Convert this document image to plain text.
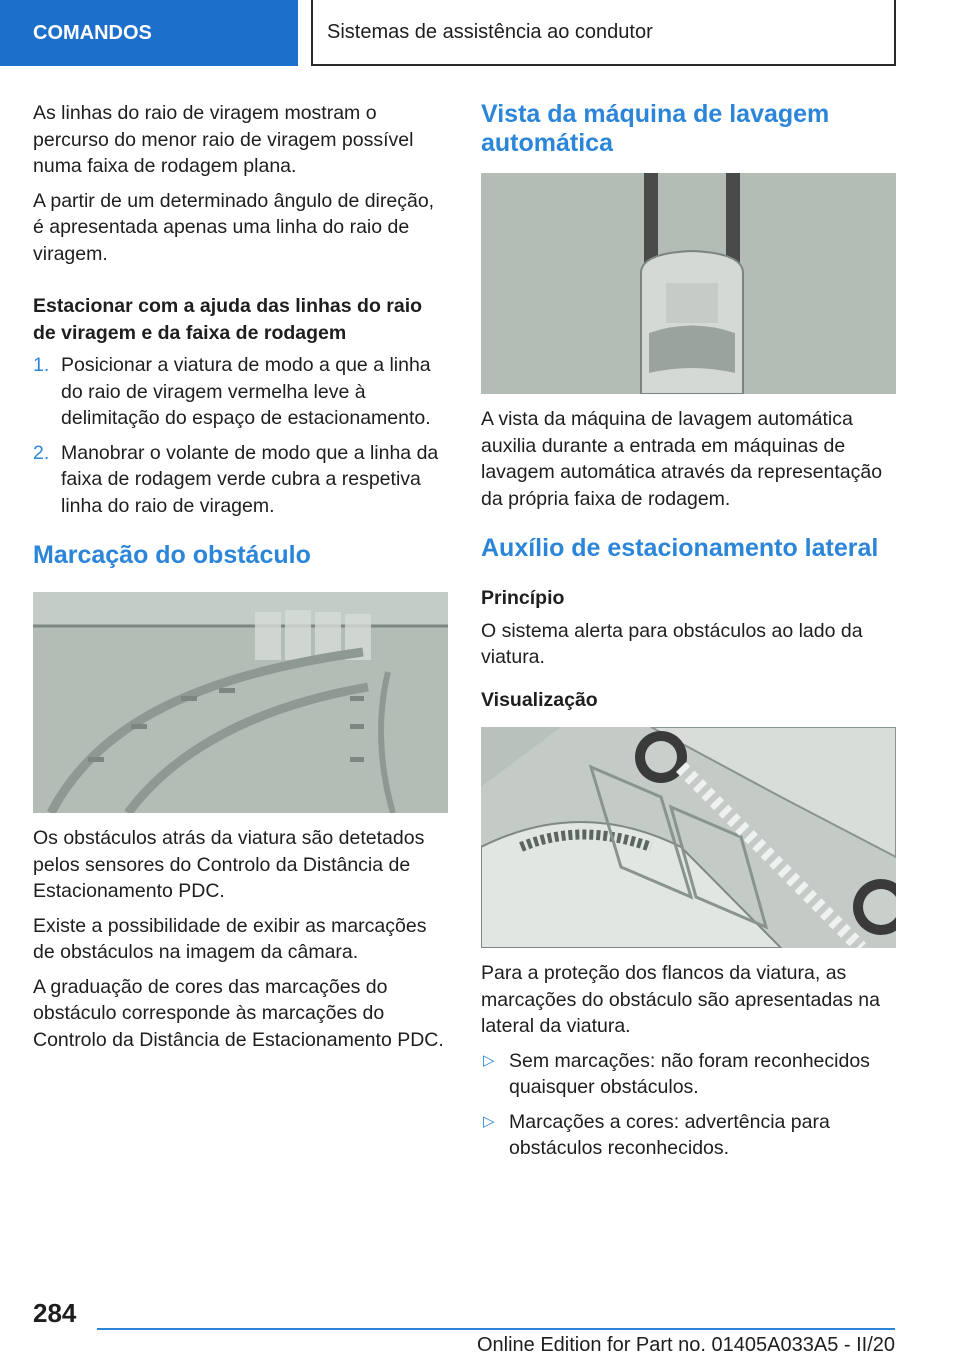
COMANDOS	Sistemas de assistência ao condutor

As linhas do raio de viragem mostram o percurso do menor raio de viragem possível numa faixa de rodagem plana.

A partir de um determinado ângulo de direção, é apresentada apenas uma linha do raio de viragem.

Estacionar com a ajuda das linhas do raio de viragem e da faixa de rodagem
1. Posicionar a viatura de modo a que a linha do raio de viragem vermelha leve à delimitação do espaço de estacionamento.
2. Manobrar o volante de modo que a linha da faixa de rodagem verde cubra a respetiva linha do raio de viragem.
Marcação do obstáculo

Os obstáculos atrás da viatura são detetados pelos sensores do Controlo da Distância de Estacionamento PDC.

Existe a possibilidade de exibir as marcações de obstáculos na imagem da câmara.

A graduação de cores das marcações do obstáculo corresponde às marcações do Controlo da Distância de Estacionamento PDC.

Vista da máquina de lavagem automática

A vista da máquina de lavagem automática auxilia durante a entrada em máquinas de lavagem automática através da representação da própria faixa de rodagem.

Auxílio de estacionamento lateral
Princípio

O sistema alerta para obstáculos ao lado da viatura.

Visualização

Para a proteção dos flancos da viatura, as marcações do obstáculo são apresentadas na lateral da viatura.

▷ Sem marcações: não foram reconhecidos quaisquer obstáculos.
▷ Marcações a cores: advertência para obstáculos reconhecidos.
284
Online Edition for Part no. 01405A033A5 - II/20
